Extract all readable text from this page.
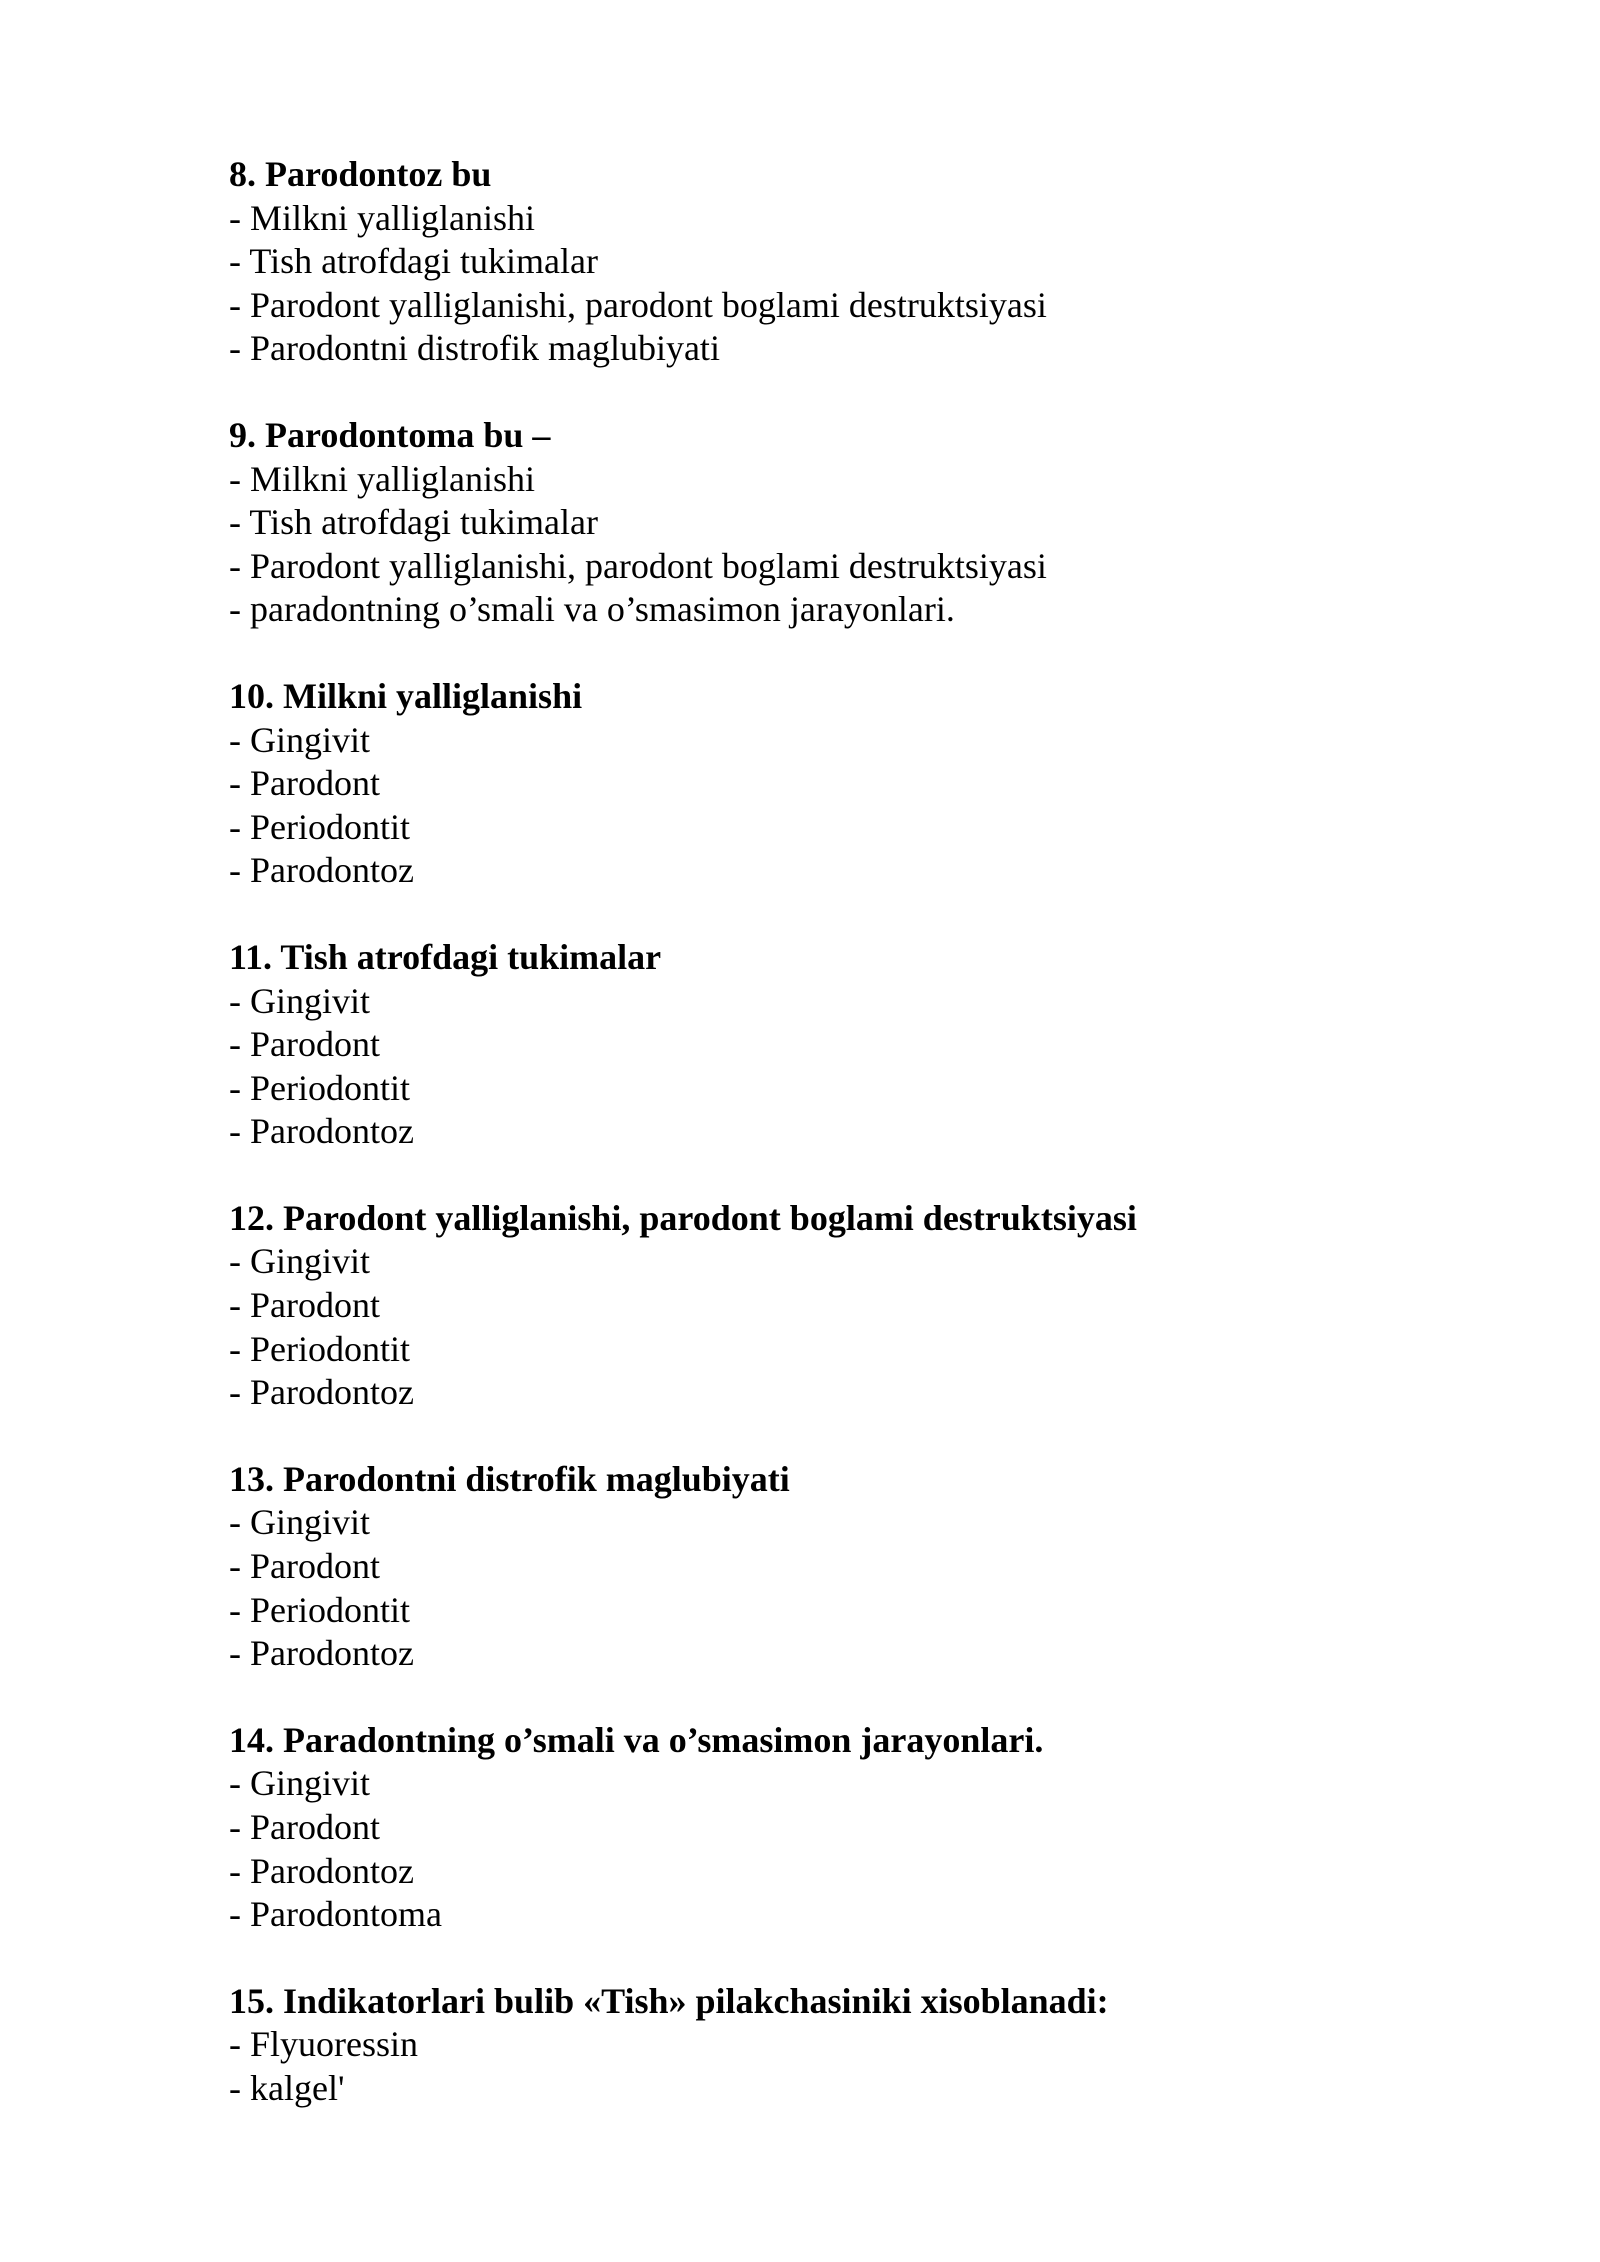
8. Parodontoz bu

- Milkni yalliglanishi
- Tish atrofdagi tukimalar
- Parodont yalliglanishi, parodont boglami destruktsiyasi
- Parodontni distrofik maglubiyati

9. Parodontoma bu –

- Milkni yalliglanishi
- Tish atrofdagi tukimalar
- Parodont yalliglanishi, parodont boglami destruktsiyasi
- paradontning o’smali va o’smasimon jarayonlari.

10. Milkni yalliglanishi

- Gingivit
- Parodont
- Periodontit
- Parodontoz

11. Tish atrofdagi tukimalar

- Gingivit
- Parodont
- Periodontit
- Parodontoz

12. Parodont yalliglanishi, parodont boglami destruktsiyasi

- Gingivit
- Parodont
- Periodontit
- Parodontoz

13. Parodontni distrofik maglubiyati

- Gingivit
- Parodont
- Periodontit
- Parodontoz

14. Paradontning o’smali va o’smasimon jarayonlari.

- Gingivit
- Parodont
- Parodontoz
- Parodontoma

15. Indikatorlari bulib «Tish» pilakchasiniki xisoblanadi:

- Flyuoressin
- kalgel'
